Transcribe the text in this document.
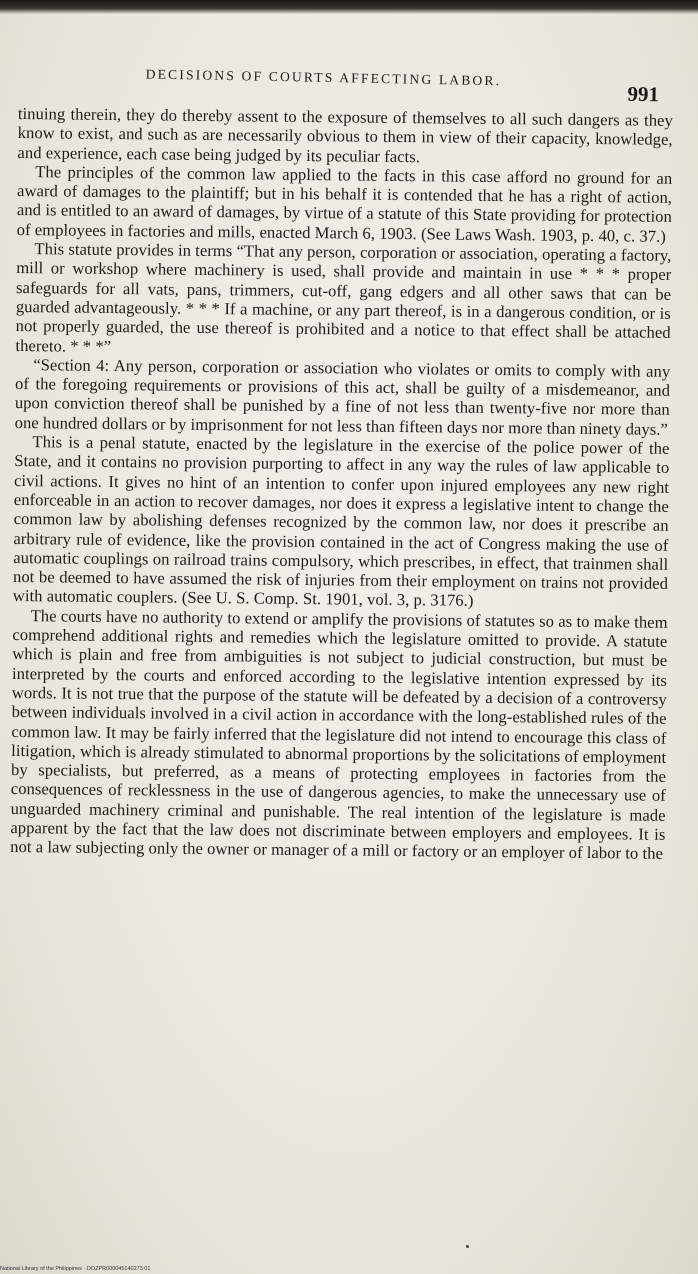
DECISIONS OF COURTS AFFECTING LABOR.
991

tinuing therein, they do thereby assent to the exposure of themselves to all such dangers as they know to exist, and such as are necessarily obvious to them in view of their capacity, knowledge, and experience, each case being judged by its peculiar facts.

The principles of the common law applied to the facts in this case afford no ground for an award of damages to the plaintiff; but in his behalf it is contended that he has a right of action, and is entitled to an award of damages, by virtue of a statute of this State providing for protection of employees in factories and mills, enacted March 6, 1903. (See Laws Wash. 1903, p. 40, c. 37.)

This statute provides in terms “That any person, corporation or association, operating a factory, mill or workshop where machinery is used, shall provide and maintain in use * * * proper safeguards for all vats, pans, trimmers, cut-off, gang edgers and all other saws that can be guarded advantageously. * * * If a machine, or any part thereof, is in a dangerous condition, or is not properly guarded, the use thereof is prohibited and a notice to that effect shall be attached thereto. * * *”

“Section 4: Any person, corporation or association who violates or omits to comply with any of the foregoing requirements or provisions of this act, shall be guilty of a misdemeanor, and upon conviction thereof shall be punished by a fine of not less than twenty-five nor more than one hundred dollars or by imprisonment for not less than fifteen days nor more than ninety days.”

This is a penal statute, enacted by the legislature in the exercise of the police power of the State, and it contains no provision purporting to affect in any way the rules of law applicable to civil actions. It gives no hint of an intention to confer upon injured employees any new right enforceable in an action to recover damages, nor does it express a legislative intent to change the common law by abolishing defenses recognized by the common law, nor does it prescribe an arbitrary rule of evidence, like the provision contained in the act of Congress making the use of automatic couplings on railroad trains compulsory, which prescribes, in effect, that trainmen shall not be deemed to have assumed the risk of injuries from their employment on trains not provided with automatic couplers. (See U. S. Comp. St. 1901, vol. 3, p. 3176.)

The courts have no authority to extend or amplify the provisions of statutes so as to make them comprehend additional rights and remedies which the legislature omitted to provide. A statute which is plain and free from ambiguities is not subject to judicial construction, but must be interpreted by the courts and enforced according to the legislative intention expressed by its words. It is not true that the purpose of the statute will be defeated by a decision of a controversy between individuals involved in a civil action in accordance with the long-established rules of the common law. It may be fairly inferred that the legislature did not intend to encourage this class of litigation, which is already stimulated to abnormal proportions by the solicitations of employment by specialists, but preferred, as a means of protecting employees in factories from the consequences of recklessness in the use of dangerous agencies, to make the unnecessary use of unguarded machinery criminal and punishable. The real intention of the legislature is made apparent by the fact that the law does not discriminate between employers and employees. It is not a law subjecting only the owner or manager of a mill or factory or an employer of labor to the

National Library of the Philippines · DOZPR000045140273 01
